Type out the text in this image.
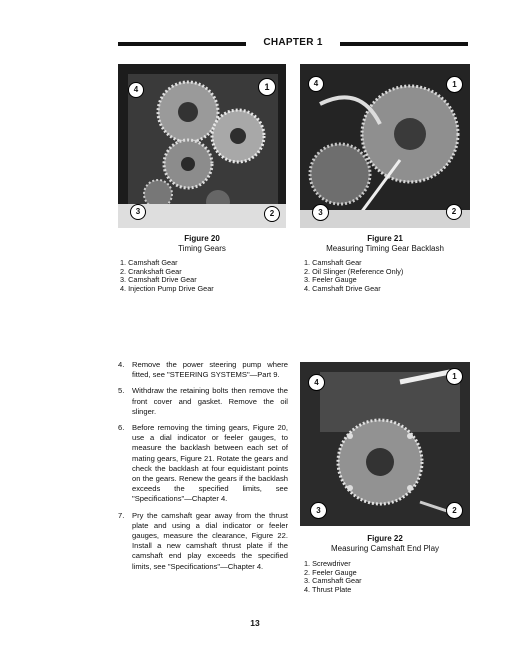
CHAPTER 1
1
4
3	2
1
4
3	2
Figure 20
Timing Gears
1. Camshaft Gear
2. Crankshaft Gear
3. Camshaft Drive Gear
4. Injection Pump Drive Gear
Figure 21
Measuring Timing Gear Backlash
1. Camshaft Gear
2. Oil Slinger (Reference Only)
3. Feeler Gauge
4. Camshaft Drive Gear
4. Remove the power steering pump where fitted, see "STEERING SYSTEMS"—Part 9.
5. Withdraw the retaining bolts then remove the front cover and gasket. Remove the oil slinger.
6. Before removing the timing gears, Figure 20, use a dial indicator or feeler gauges, to measure the backlash between each set of mating gears, Figure 21. Rotate the gears and check the backlash at four equidistant points on the gears. Renew the gears if the backlash exceeds the specified limits, see "Specifications"—Chapter 4.
7. Pry the camshaft gear away from the thrust plate and using a dial indicator or feeler gauges, measure the clearance, Figure 22. Install a new camshaft thrust plate if the camshaft end play exceeds the specified limits, see "Specifications"—Chapter 4.
4
1
3	2
Figure 22
Measuring Camshaft End Play
1. Screwdriver
2. Feeler Gauge
3. Camshaft Gear
4. Thrust Plate
13
